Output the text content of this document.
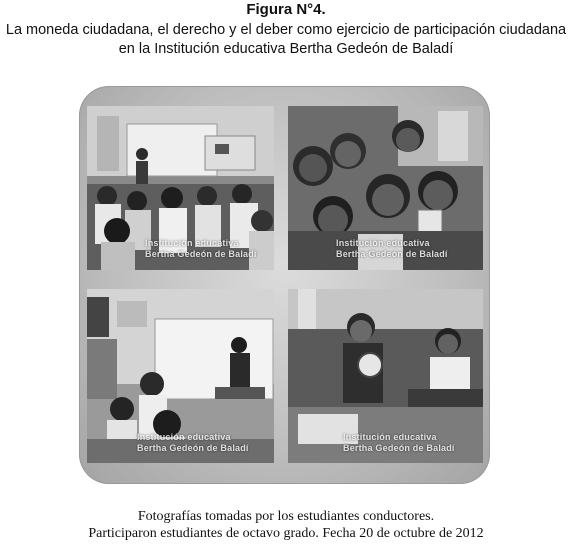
Figura N°4.
La moneda ciudadana, el derecho y el deber como ejercicio de participación ciudadana
en la Institución educativa Bertha Gedeón de Baladí
Institución educativa
Bertha Gedeón de Baladí
Institución educativa
Bertha Gedeón de Baladí
Institución educativa
Bertha Gedeón de Baladí
Institución educativa
Bertha Gedeón de Baladí
Fotografías tomadas por los estudiantes conductores.
Participaron estudiantes de octavo grado. Fecha 20 de octubre de 2012
